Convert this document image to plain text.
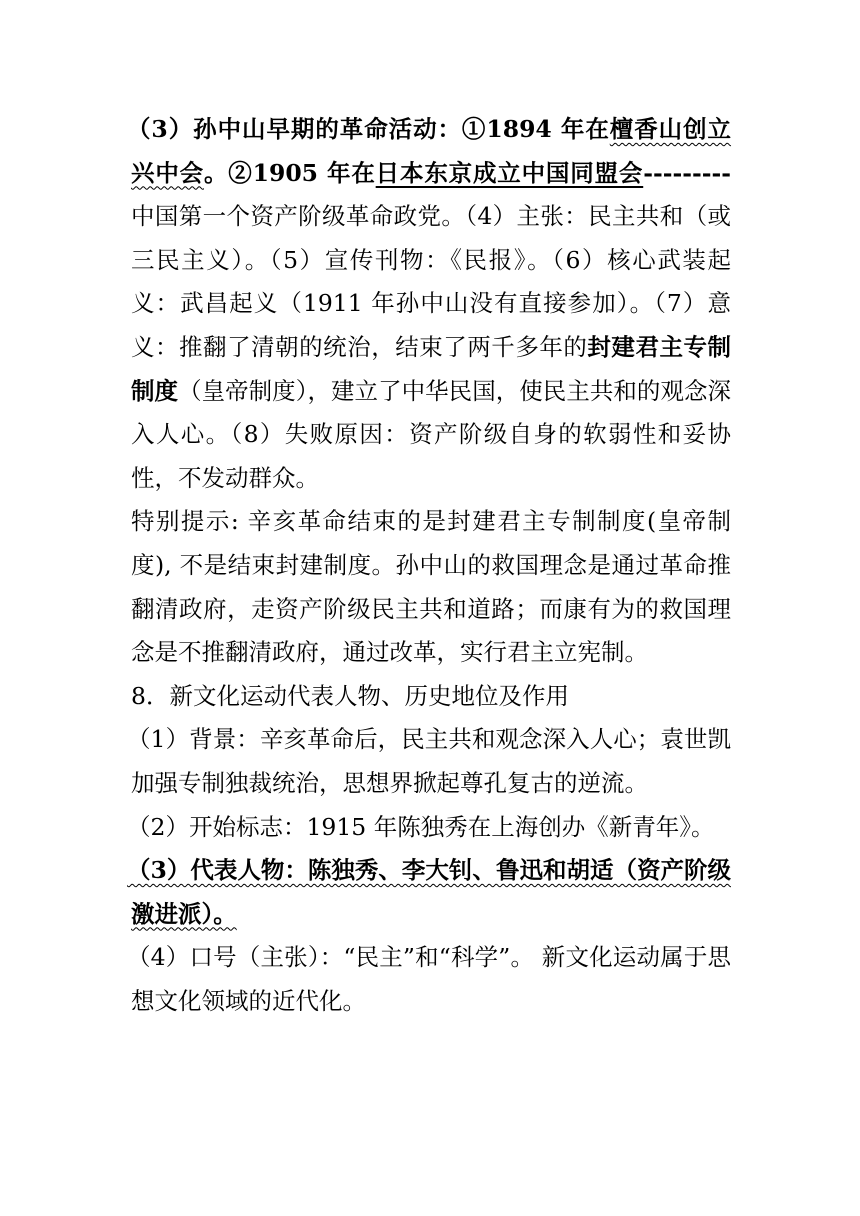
（3）孙中山早期的革命活动：①1894 年在檀香山创立兴中会。②1905 年在日本东京成立中国同盟会---------中国第一个资产阶级革命政党。（4）主张：民主共和（或三民主义）。（5）宣传刊物：《民报》。（6）核心武装起义：武昌起义（1911 年孙中山没有直接参加）。（7）意义：推翻了清朝的统治，结束了两千多年的封建君主专制制度（皇帝制度），建立了中华民国，使民主共和的观念深入人心。（8）失败原因：资产阶级自身的软弱性和妥协性，不发动群众。

特别提示: 辛亥革命结束的是封建君主专制制度(皇帝制度), 不是结束封建制度。孙中山的救国理念是通过革命推翻清政府，走资产阶级民主共和道路；而康有为的救国理念是不推翻清政府，通过改革，实行君主立宪制。

8．新文化运动代表人物、历史地位及作用

（1）背景：辛亥革命后，民主共和观念深入人心；袁世凯加强专制独裁统治，思想界掀起尊孔复古的逆流。

（2）开始标志：1915 年陈独秀在上海创办《新青年》。

（3）代表人物：陈独秀、李大钊、鲁迅和胡适（资产阶级激进派）。

（4）口号（主张）：“民主”和“科学”。 新文化运动属于思想文化领域的近代化。
